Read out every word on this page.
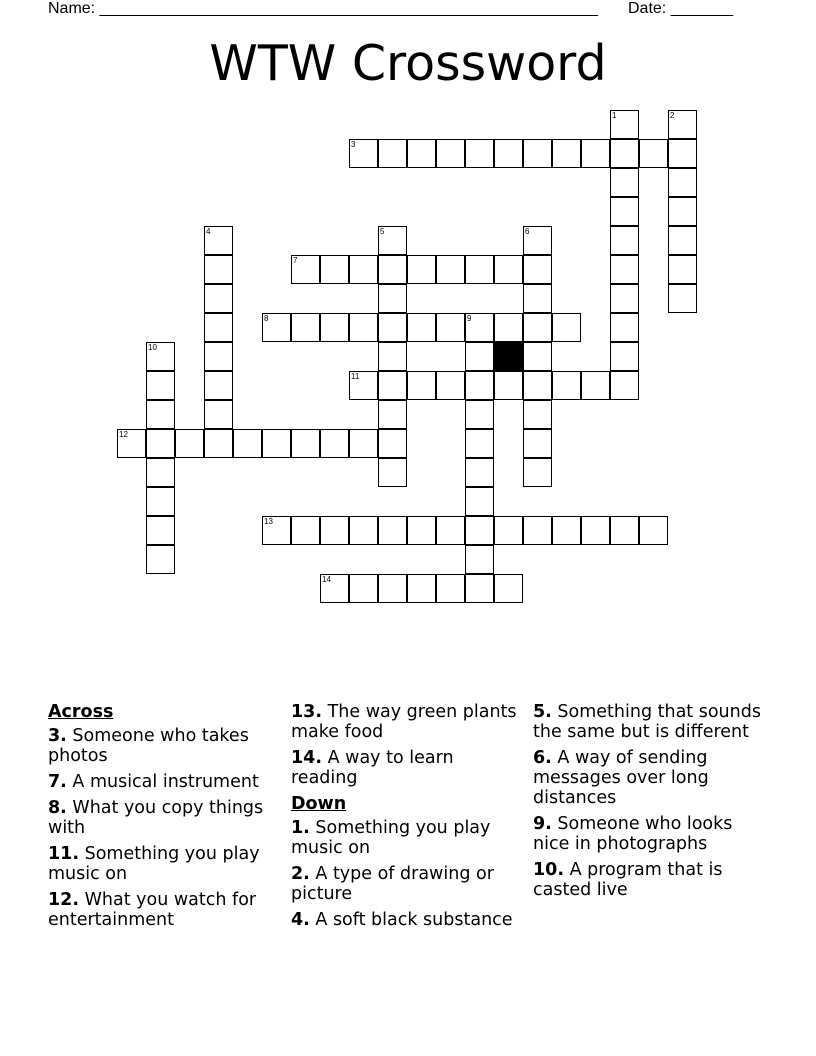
Name: ________________________________________________________ Date: _______
WTW Crossword
1	2
3
4	5	6
7
8	9
10
11
12
13
14
Across
3. Someone who takes photos
7. A musical instrument
8. What you copy things with
11. Something you play music on
12. What you watch for entertainment
13. The way green plants make food
14. A way to learn reading
Down
1. Something you play music on
2. A type of drawing or picture
4. A soft black substance
5. Something that sounds the same but is different
6. A way of sending messages over long distances
9. Someone who looks nice in photographs
10. A program that is casted live
